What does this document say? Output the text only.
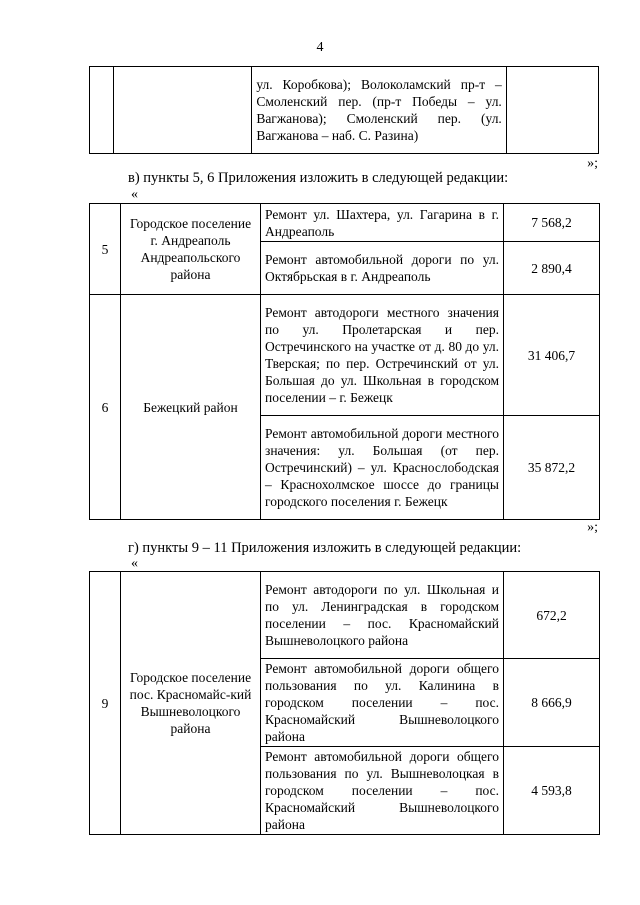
4
		ул. Коробкова); Волоколамский пр-т – Смоленский пер. (пр-т Победы – ул. Вагжанова); Смоленский пер. (ул. Вагжанова – наб. С. Разина)	
»;
в) пункты 5, 6 Приложения изложить в следующей редакции:
«
5	Городское поселение г. Андреаполь Андреапольского района	Ремонт ул. Шахтера, ул. Гагарина в г. Андреаполь	7 568,2
		Ремонт автомобильной дороги по ул. Октябрьская в г. Андреаполь	2 890,4
6	Бежецкий район	Ремонт автодороги местного значения по ул. Пролетарская и пер. Остречинского на участке от д. 80 до ул. Тверская; по пер. Остречинский от ул. Большая до ул. Школьная в городском поселении – г. Бежецк	31 406,7
		Ремонт автомобильной дороги местного значения: ул. Большая (от пер. Остречинский) – ул. Краснослободская – Краснохолмское шоссе до границы городского поселения г. Бежецк	35 872,2
»;
г) пункты 9 – 11 Приложения изложить в следующей редакции:
«
9	Городское поселение пос. Красномайс-кий Вышневолоцкого района	Ремонт автодороги по ул. Школьная и по ул. Ленинградская в городском поселении – пос. Красномайский Вышневолоцкого района	672,2
		Ремонт автомобильной дороги общего пользования по ул. Калинина в городском поселении – пос. Красномайский Вышневолоцкого района	8 666,9
		Ремонт автомобильной дороги общего пользования по ул. Вышневолоцкая в городском поселении – пос. Красномайский Вышневолоцкого района	4 593,8
